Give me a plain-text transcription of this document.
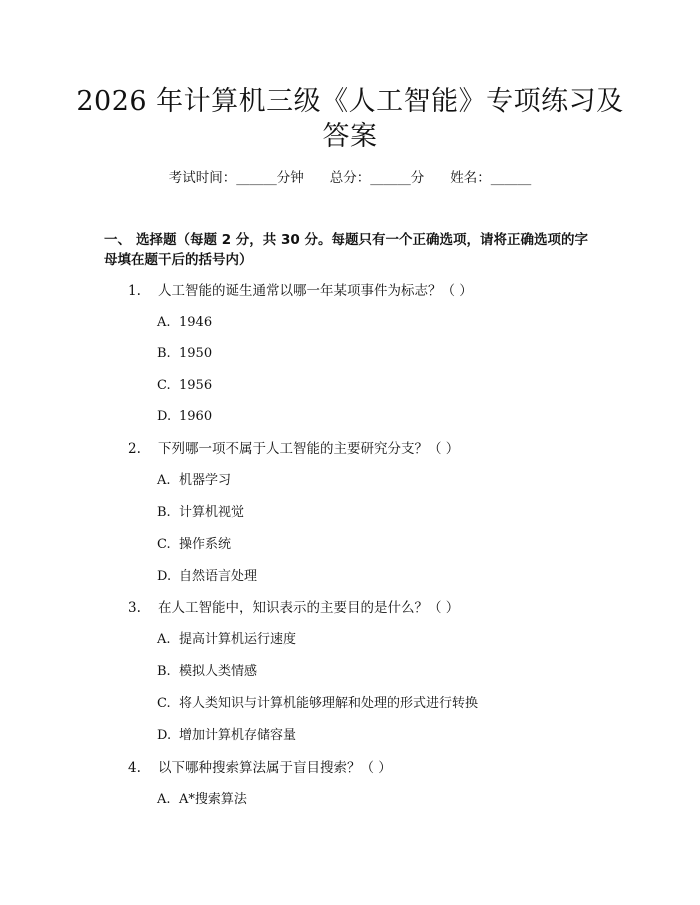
2026 年计算机三级《人工智能》专项练习及
答案
考试时间：______分钟 总分：______分 姓名：______
一、 选择题（每题 2 分，共 30 分。每题只有一个正确选项，请将正确选项的字
母填在题干后的括号内）
1. 人工智能的诞生通常以哪一年某项事件为标志？（ ）
A. 1946
B. 1950
C. 1956
D. 1960
2. 下列哪一项不属于人工智能的主要研究分支？（ ）
A. 机器学习
B. 计算机视觉
C. 操作系统
D. 自然语言处理
3. 在人工智能中，知识表示的主要目的是什么？（ ）
A. 提高计算机运行速度
B. 模拟人类情感
C. 将人类知识与计算机能够理解和处理的形式进行转换
D. 增加计算机存储容量
4. 以下哪种搜索算法属于盲目搜索？（ ）
A. A*搜索算法
